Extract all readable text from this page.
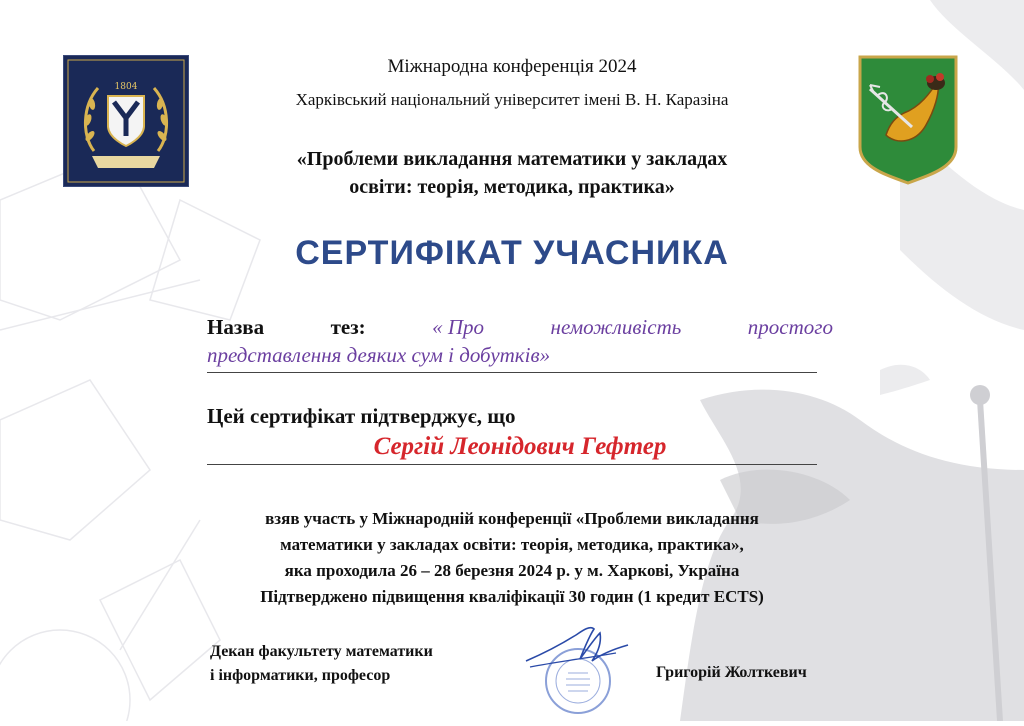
1804
Міжнародна конференція 2024
Харківський національний університет імені В. Н. Каразіна
«Проблеми викладання математики у закладах
освіти: теорія, методика, практика»
СЕРТИФІКАТ УЧАСНИКА
Назва	тез:	« Про	неможливість	простого
представлення деяких сум і добутків»
Цей сертифікат підтверджує, що
Сергій Леонідович Гефтер
взяв участь у Міжнародній конференції «Проблеми викладання
математики у закладах освіти: теорія, методика, практика»,
яка проходила 26 – 28 березня 2024 р. у м. Харкові, Україна
Підтверджено підвищення кваліфікації 30 годин (1 кредит ECTS)
Декан факультету математики
і інформатики, професор	Григорій Жолткевич
